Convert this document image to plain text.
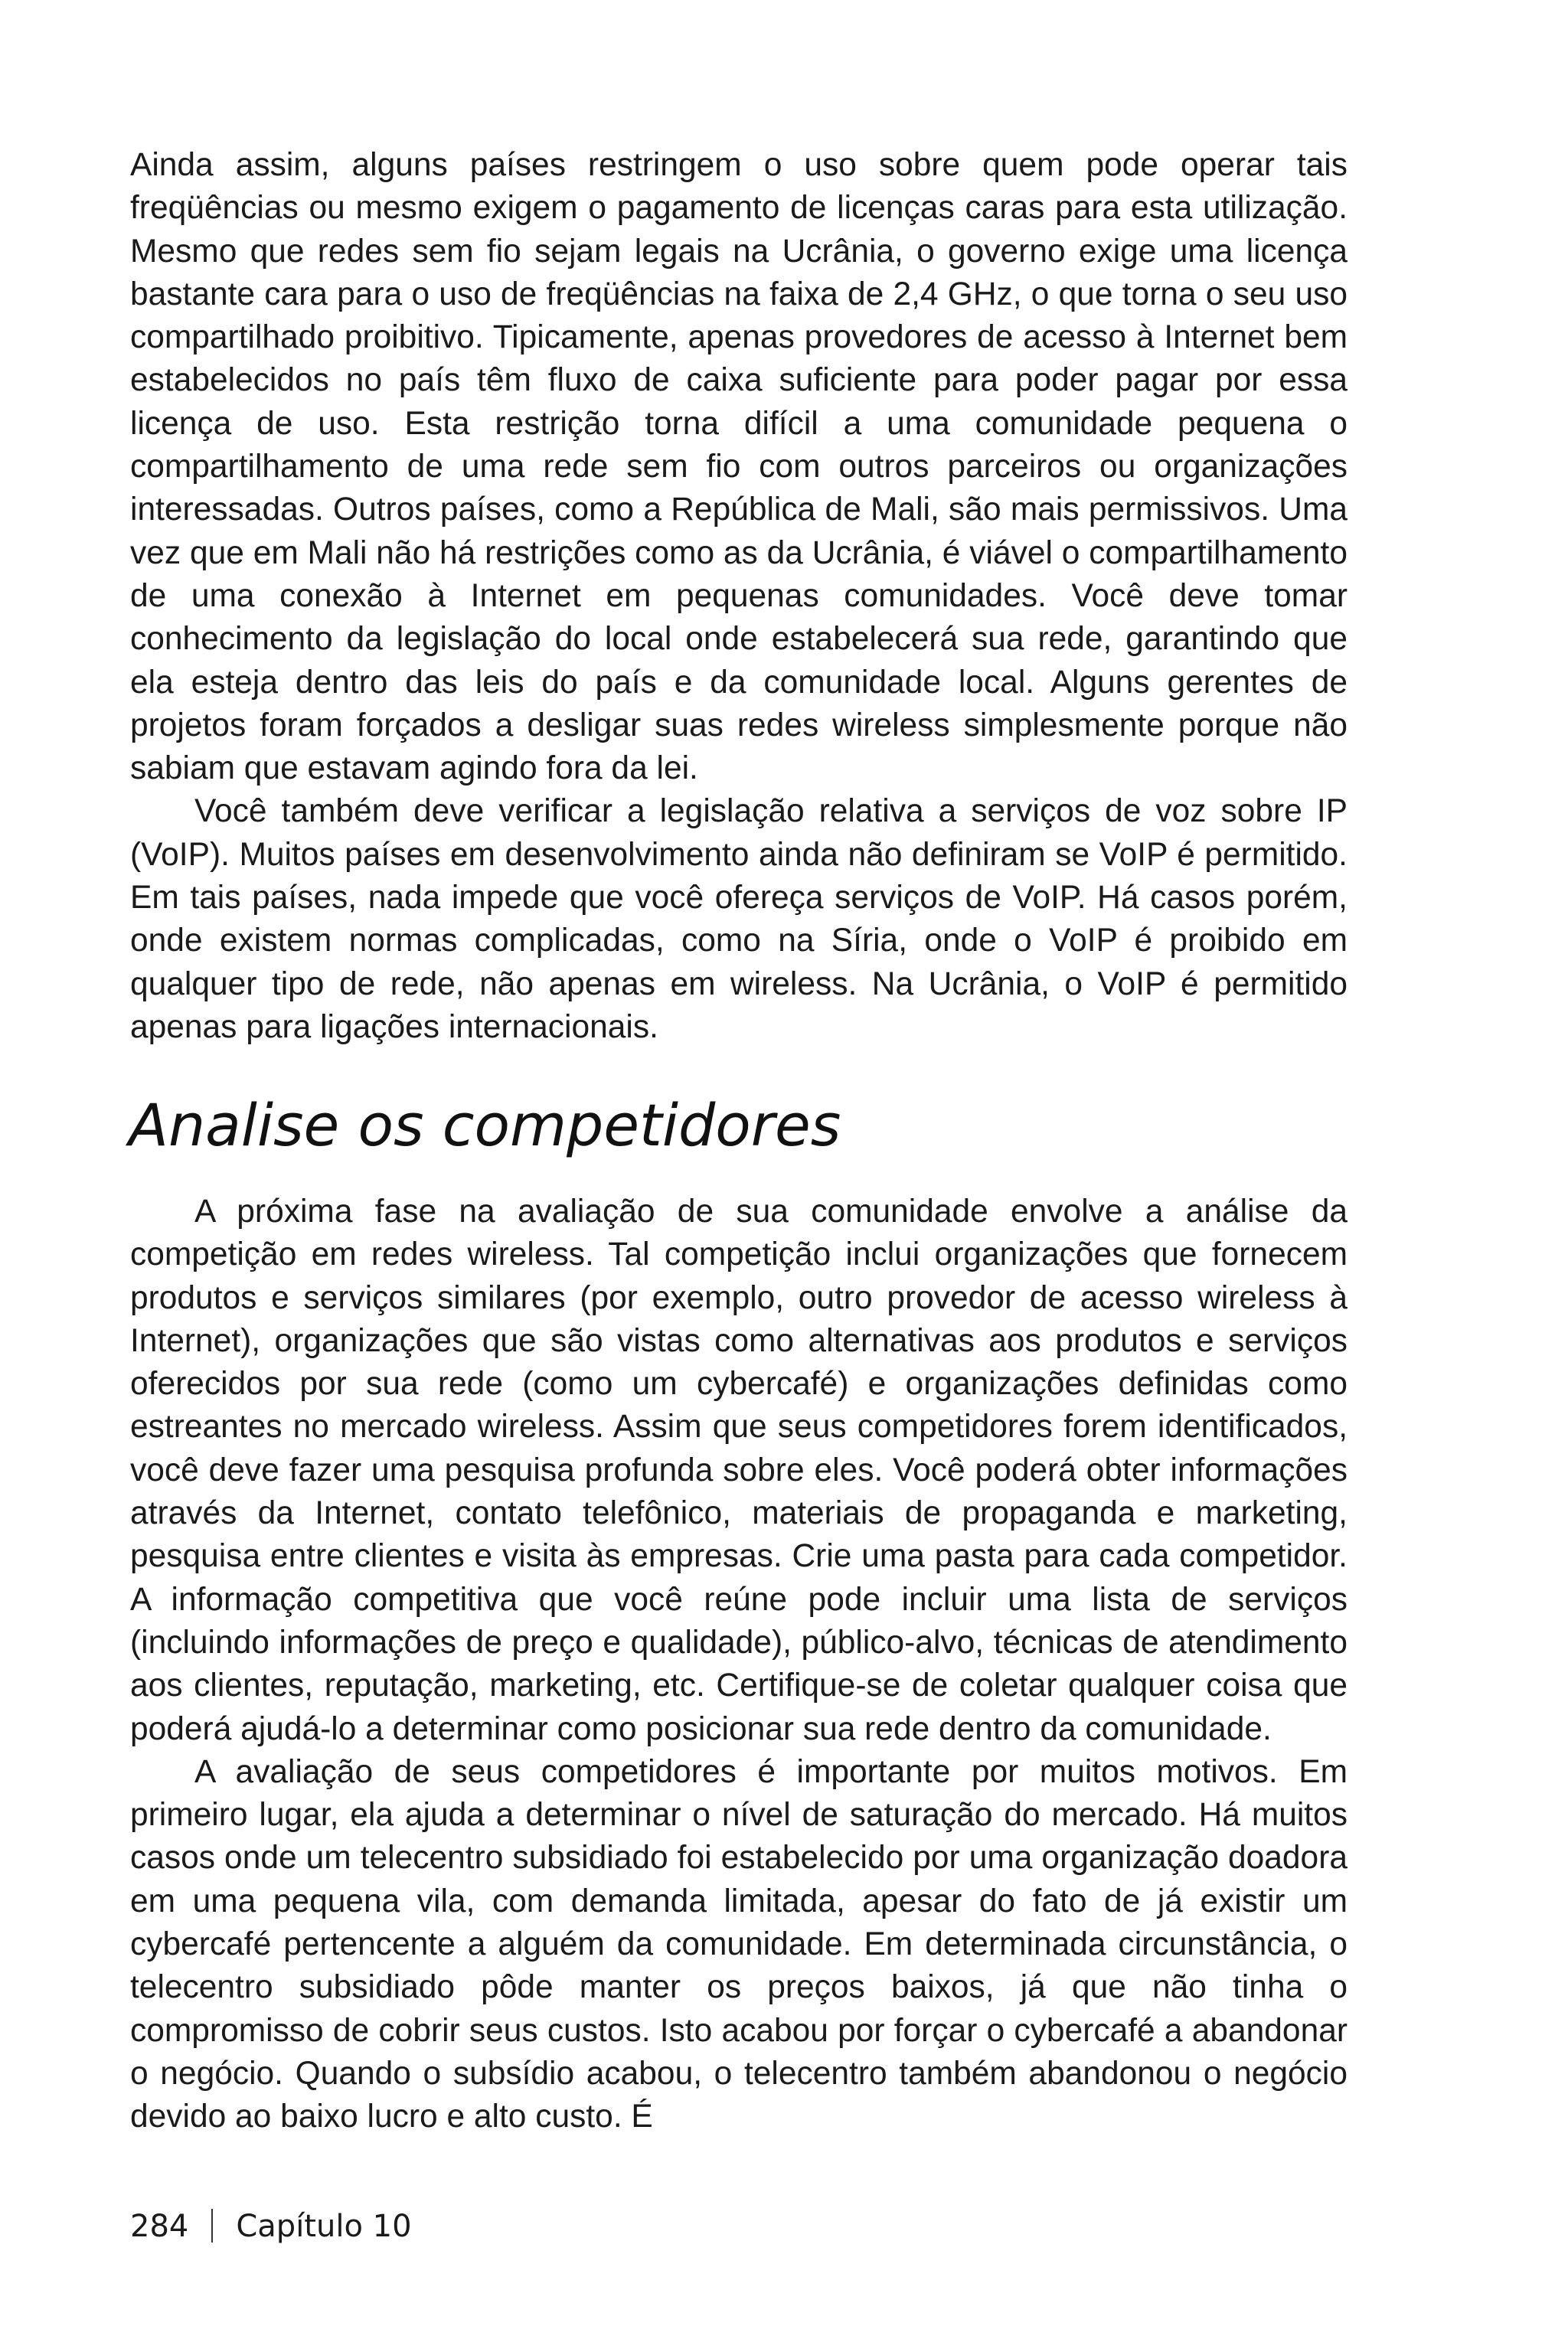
Ainda assim, alguns países restringem o uso sobre quem pode operar tais freqüências ou mesmo exigem o pagamento de licenças caras para esta utilização. Mesmo que redes sem fio sejam legais na Ucrânia, o governo exige uma licença bastante cara para o uso de freqüências na faixa de 2,4 GHz, o que torna o seu uso compartilhado proibitivo. Tipicamente, apenas provedores de acesso à Internet bem estabelecidos no país têm fluxo de caixa suficiente para poder pagar por essa licença de uso. Esta restrição torna difícil a uma comunidade pequena o compartilhamento de uma rede sem fio com outros parceiros ou organizações interessadas. Outros países, como a República de Mali, são mais permissivos. Uma vez que em Mali não há restrições como as da Ucrânia, é viável o compartilhamento de uma conexão à Internet em pequenas comunidades. Você deve tomar conhecimento da legislação do local onde estabelecerá sua rede, garantindo que ela esteja dentro das leis do país e da comunidade local. Alguns gerentes de projetos foram forçados a desligar suas redes wireless simplesmente porque não sabiam que estavam agindo fora da lei.

Você também deve verificar a legislação relativa a serviços de voz sobre IP (VoIP). Muitos países em desenvolvimento ainda não definiram se VoIP é permitido. Em tais países, nada impede que você ofereça serviços de VoIP. Há casos porém, onde existem normas complicadas, como na Síria, onde o VoIP é proibido em qualquer tipo de rede, não apenas em wireless. Na Ucrânia, o VoIP é permitido apenas para ligações internacionais.

Analise os competidores

A próxima fase na avaliação de sua comunidade envolve a análise da competição em redes wireless. Tal competição inclui organizações que fornecem produtos e serviços similares (por exemplo, outro provedor de acesso wireless à Internet), organizações que são vistas como alternativas aos produtos e serviços oferecidos por sua rede (como um cybercafé) e organizações definidas como estreantes no mercado wireless. Assim que seus competidores forem identificados, você deve fazer uma pesquisa profunda sobre eles. Você poderá obter informações através da Internet, contato telefônico, materiais de propaganda e marketing, pesquisa entre clientes e visita às empresas. Crie uma pasta para cada competidor. A informação competitiva que você reúne pode incluir uma lista de serviços (incluindo informações de preço e qualidade), público-alvo, técnicas de atendimento aos clientes, reputação, marketing, etc. Certifique-se de coletar qualquer coisa que poderá ajudá-lo a determinar como posicionar sua rede dentro da comunidade.

A avaliação de seus competidores é importante por muitos motivos. Em primeiro lugar, ela ajuda a determinar o nível de saturação do mercado. Há muitos casos onde um telecentro subsidiado foi estabelecido por uma organização doadora em uma pequena vila, com demanda limitada, apesar do fato de já existir um cybercafé pertencente a alguém da comunidade. Em determinada circunstância, o telecentro subsidiado pôde manter os preços baixos, já que não tinha o compromisso de cobrir seus custos. Isto acabou por forçar o cybercafé a abandonar o negócio. Quando o subsídio acabou, o telecentro também abandonou o negócio devido ao baixo lucro e alto custo. É

284 Capítulo 10
